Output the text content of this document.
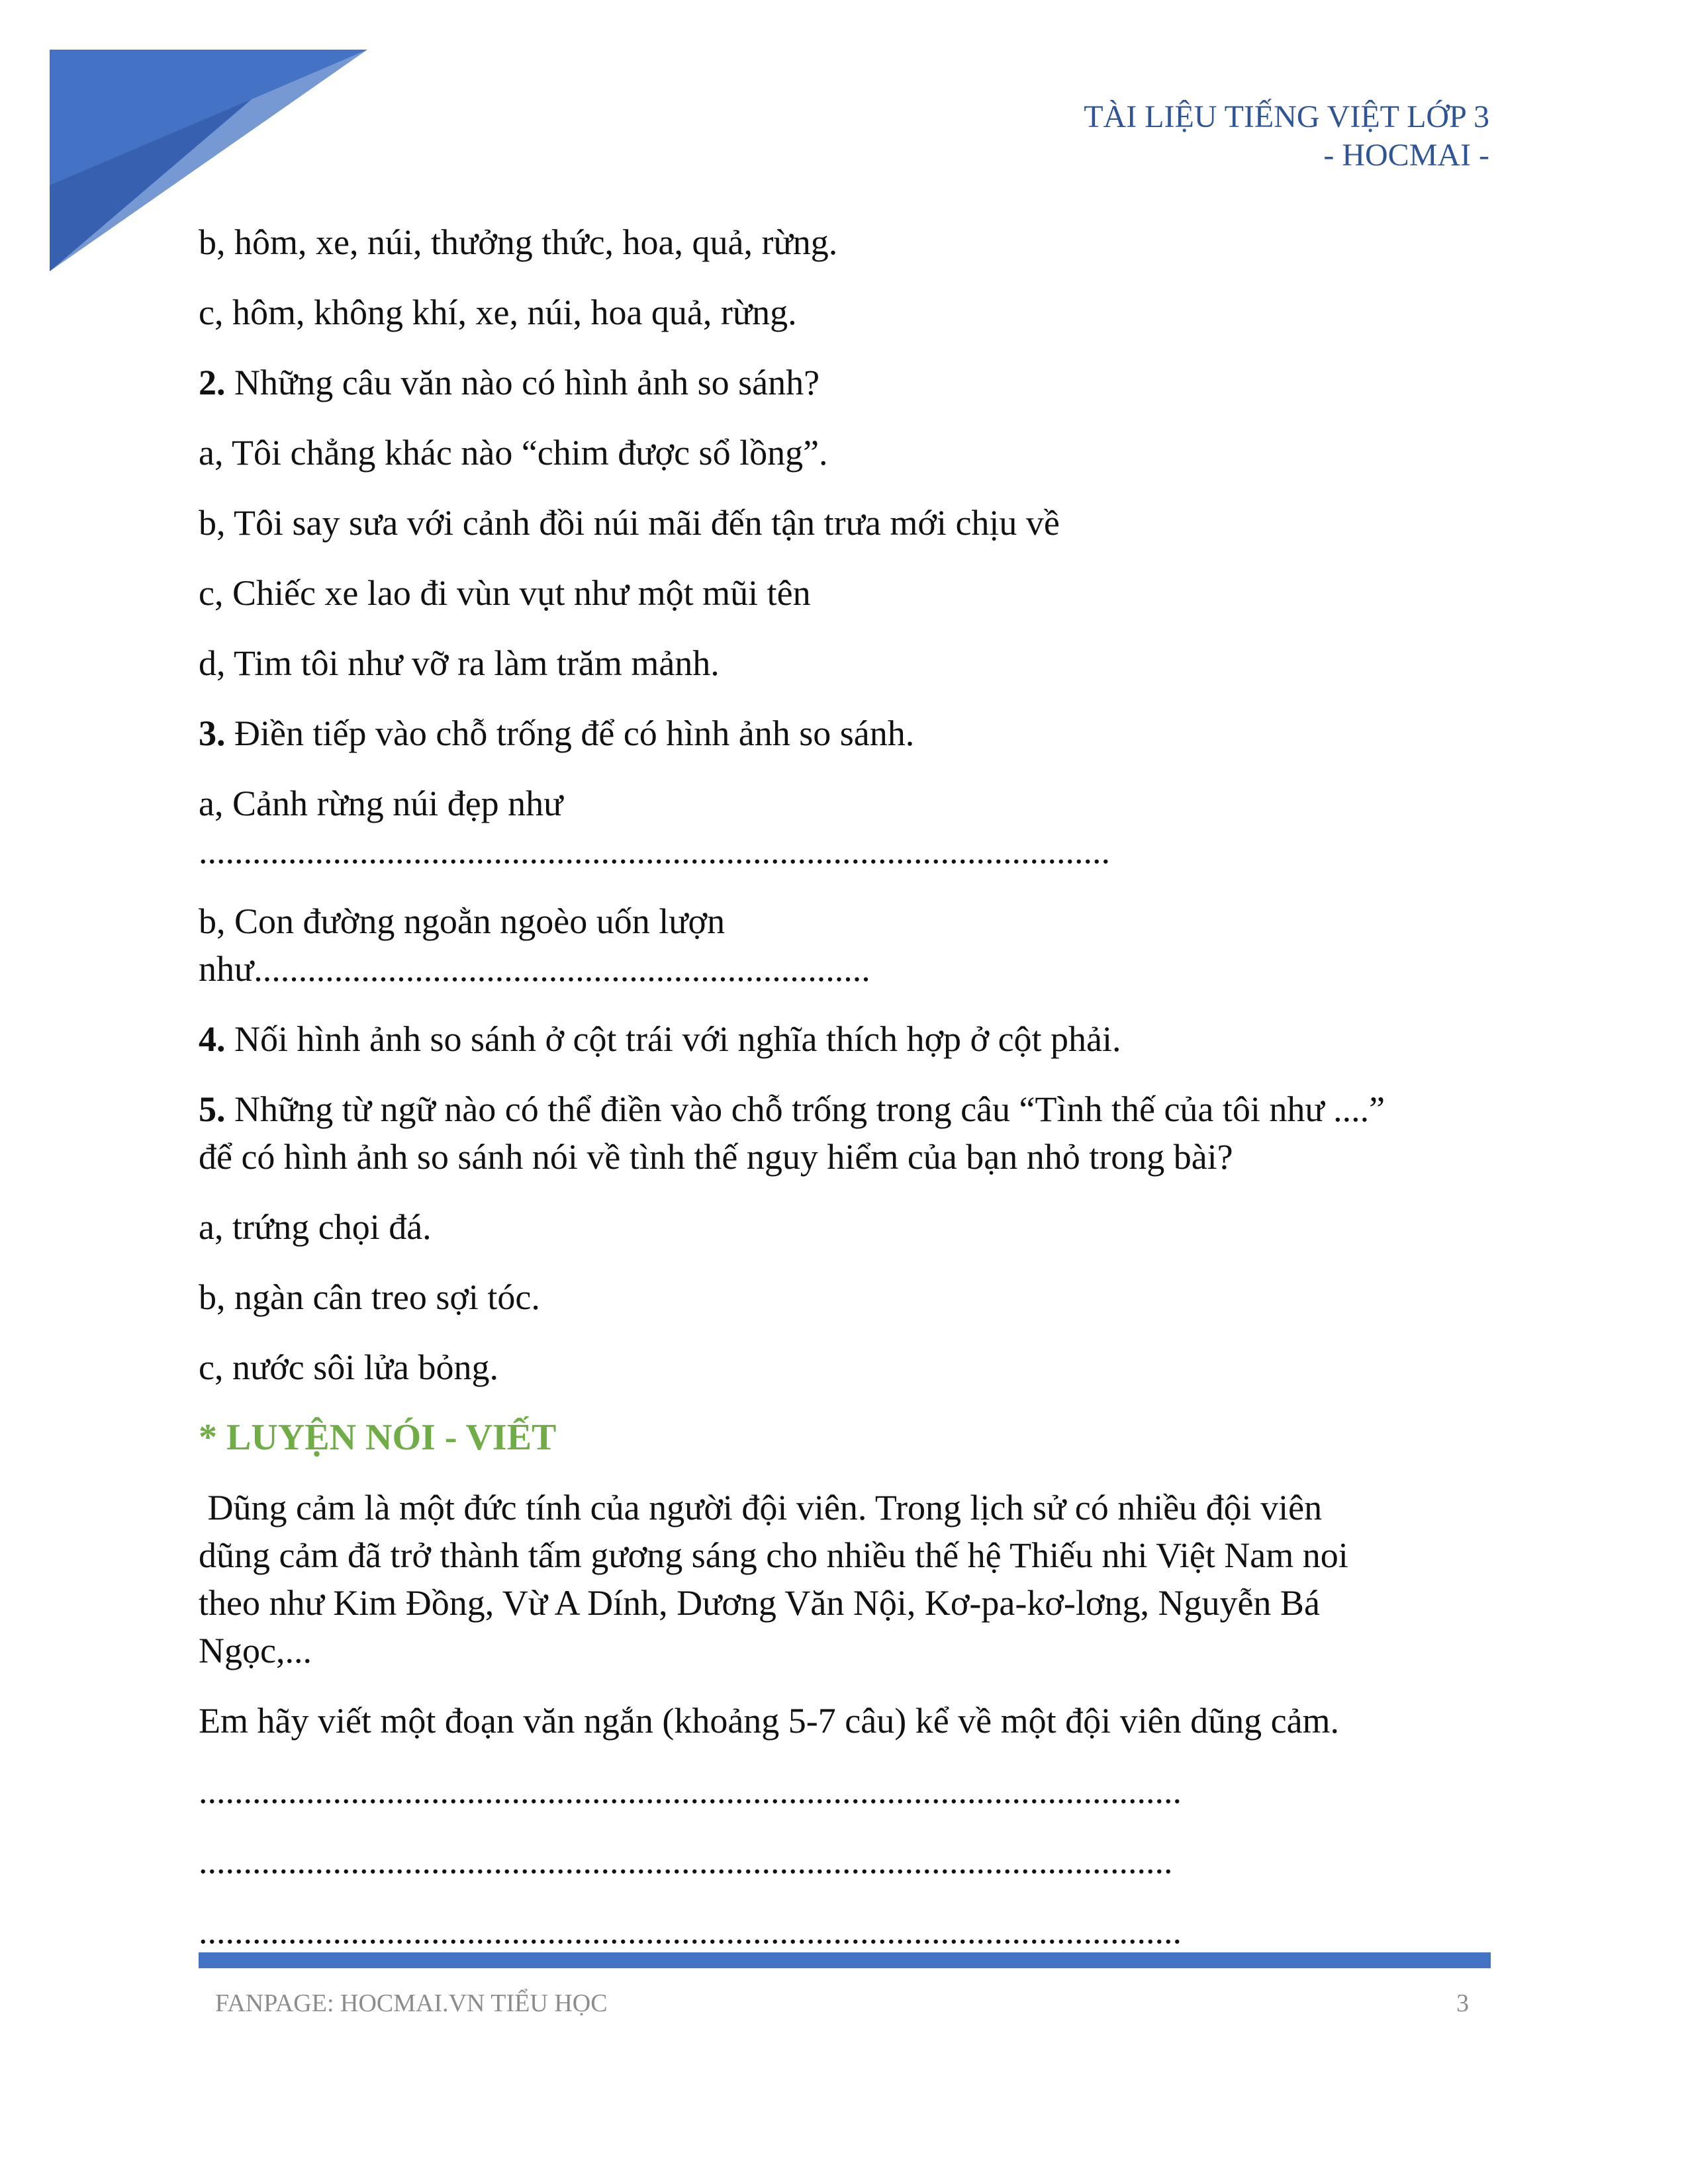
TÀI LIỆU TIẾNG VIỆT LỚP 3
- HOCMAI -

b, hôm, xe, núi, thưởng thức, hoa, quả, rừng.

c, hôm, không khí, xe, núi, hoa quả, rừng.

2. Những câu văn nào có hình ảnh so sánh?

a, Tôi chẳng khác nào “chim được sổ lồng”.

b, Tôi say sưa với cảnh đồi núi mãi đến tận trưa mới chịu về

c, Chiếc xe lao đi vùn vụt như một mũi tên

d, Tim tôi như vỡ ra làm trăm mảnh.

3. Điền tiếp vào chỗ trống để có hình ảnh so sánh.

a, Cảnh rừng núi đẹp như

......................................................................................................

b, Con đường ngoằn ngoèo uốn lượn

như.....................................................................

4. Nối hình ảnh so sánh ở cột trái với nghĩa thích hợp ở cột phải.

5. Những từ ngữ nào có thể điền vào chỗ trống trong câu “Tình thế của tôi như ....”
để có hình ảnh so sánh nói về tình thế nguy hiểm của bạn nhỏ trong bài?

a, trứng chọi đá.

b, ngàn cân treo sợi tóc.

c, nước sôi lửa bỏng.

* LUYỆN NÓI - VIẾT

Dũng cảm là một đức tính của người đội viên. Trong lịch sử có nhiều đội viên
dũng cảm đã trở thành tấm gương sáng cho nhiều thế hệ Thiếu nhi Việt Nam noi
theo như Kim Đồng, Vừ A Dính, Dương Văn Nội, Kơ-pa-kơ-lơng, Nguyễn Bá
Ngọc,...

Em hãy viết một đoạn văn ngắn (khoảng 5-7 câu) kể về một đội viên dũng cảm.

..............................................................................................................

.............................................................................................................

..............................................................................................................

FANPAGE: HOCMAI.VN TIỂU HỌC	3
